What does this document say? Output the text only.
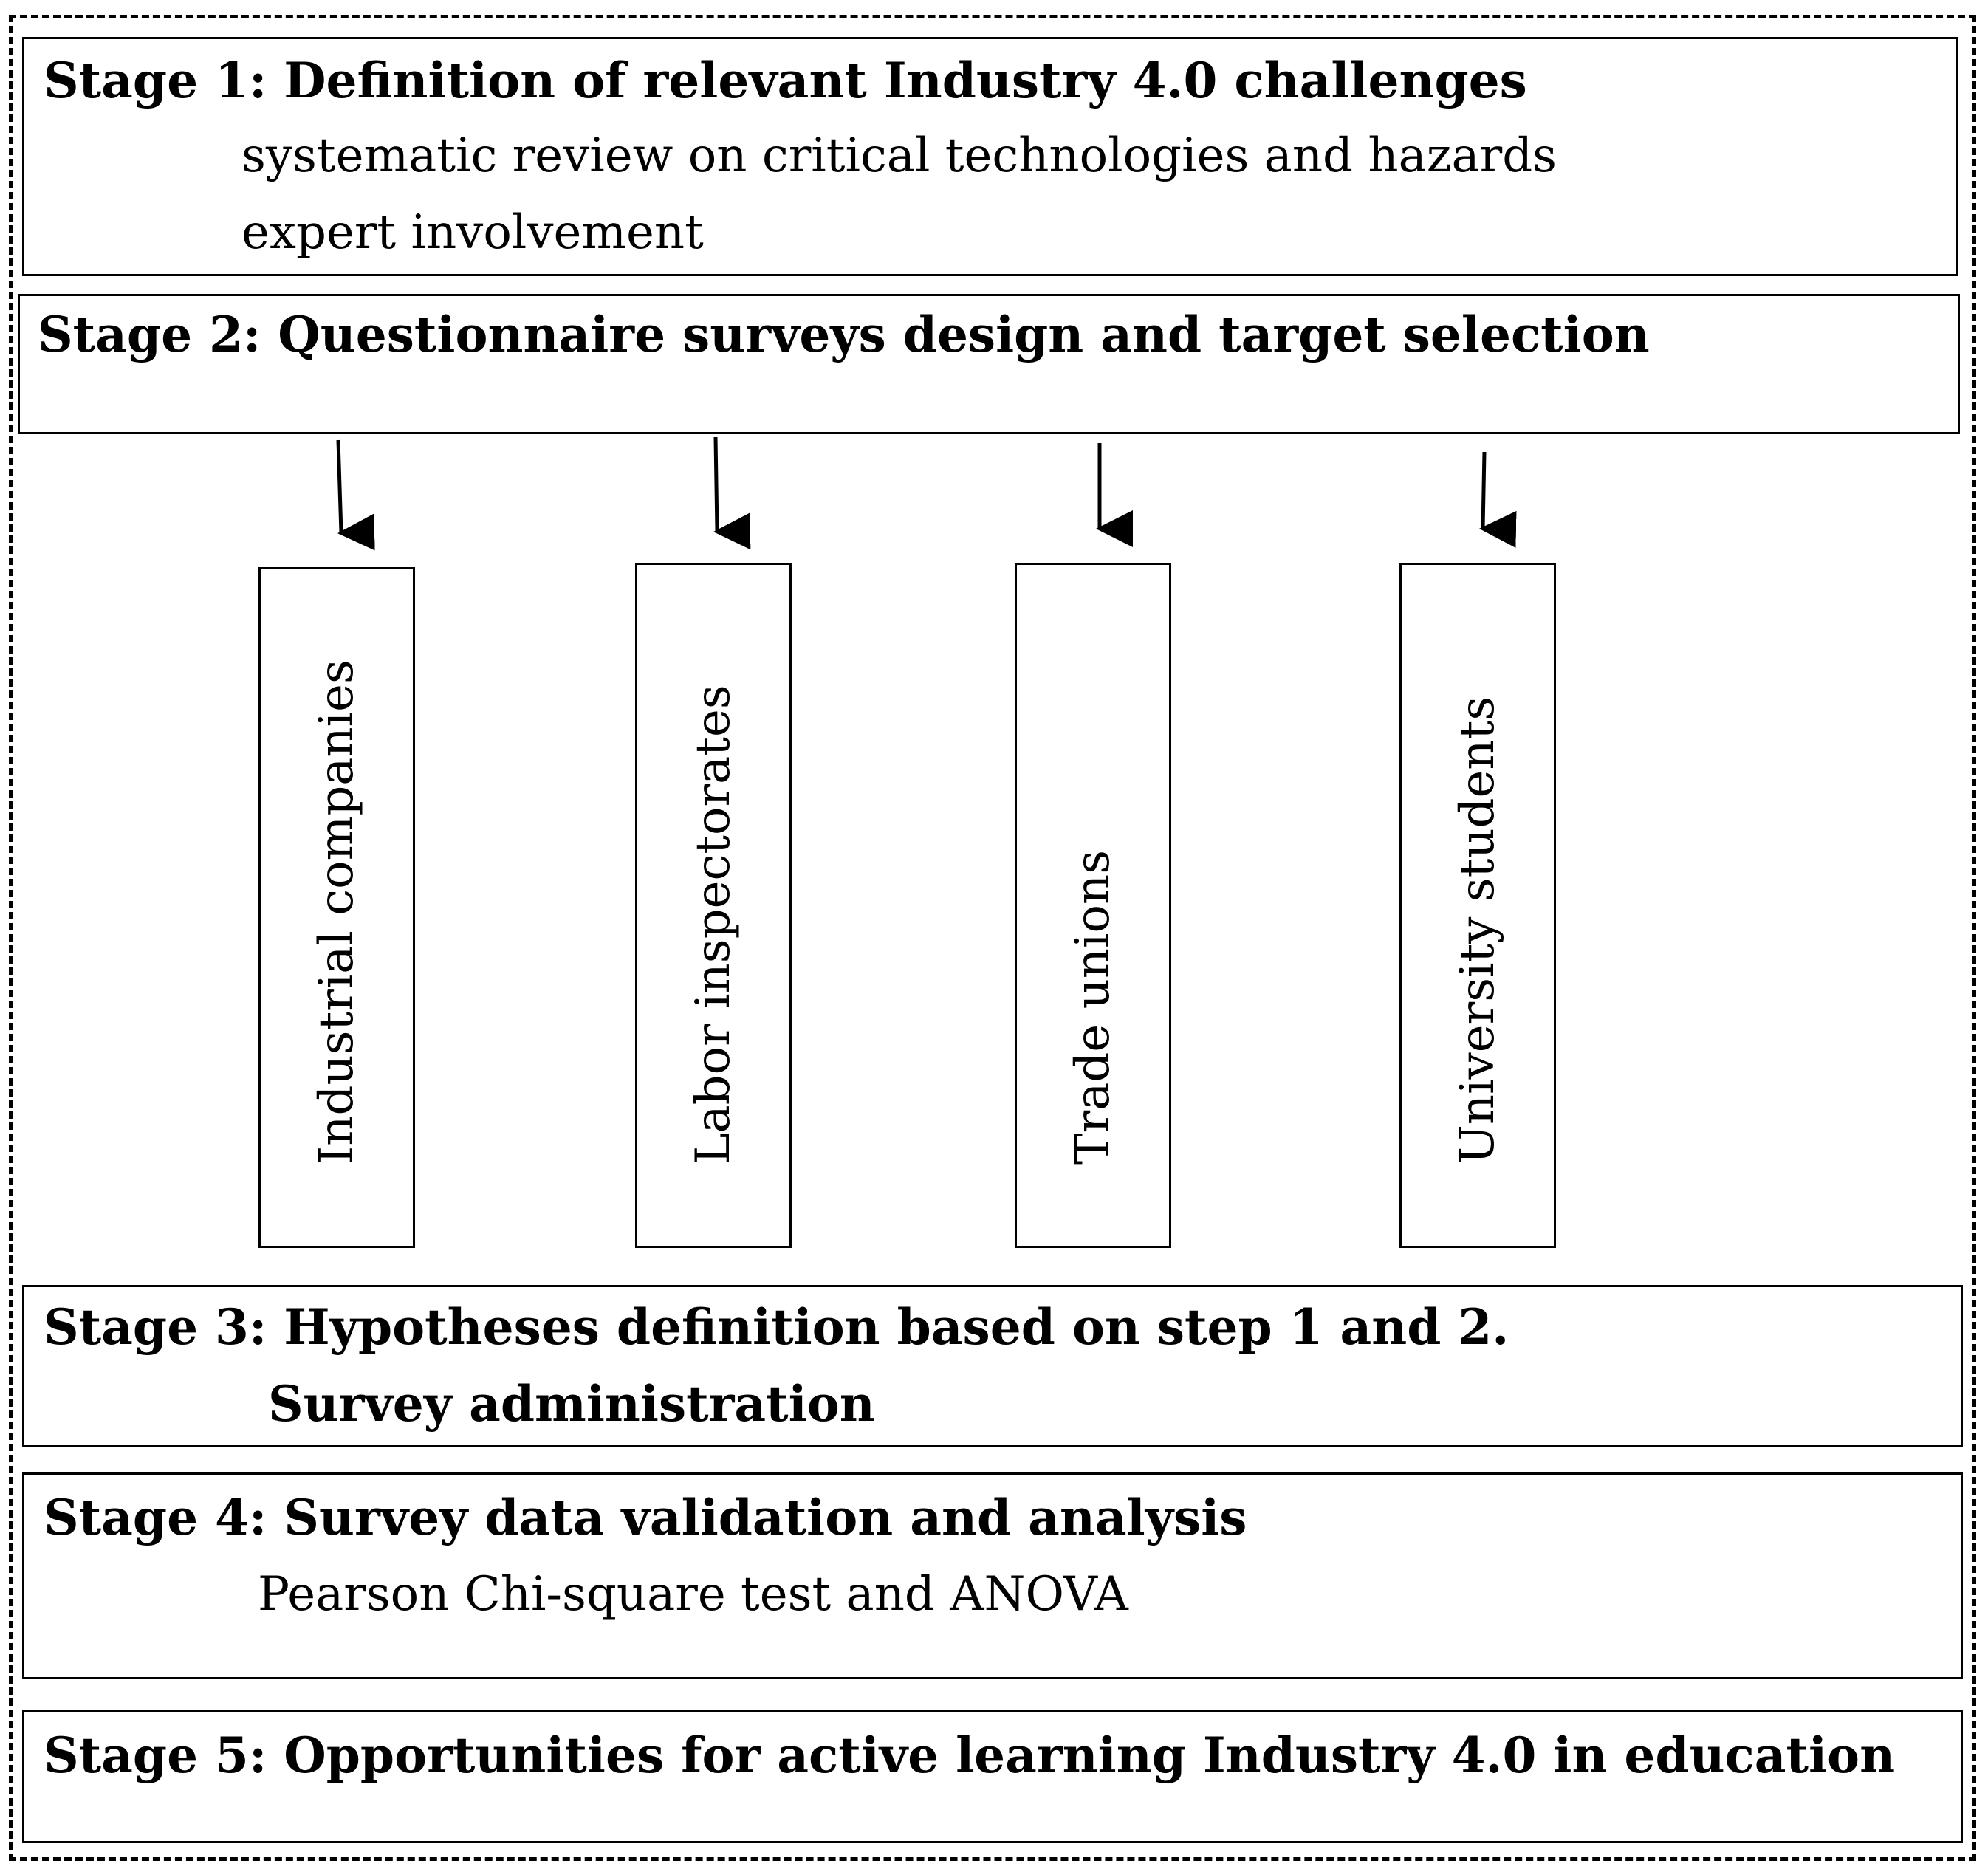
Stage 1: Definition of relevant Industry 4.0 challenges
systematic review on critical technologies and hazards
expert involvement
Stage 2: Questionnaire surveys design and target selection
Industrial companies	Labor inspectorates	Trade unions	University students
Stage 3: Hypotheses definition based on step 1 and 2.
Survey administration
Stage 4: Survey data validation and analysis
Pearson Chi-square test and ANOVA
Stage 5: Opportunities for active learning Industry 4.0 in education
